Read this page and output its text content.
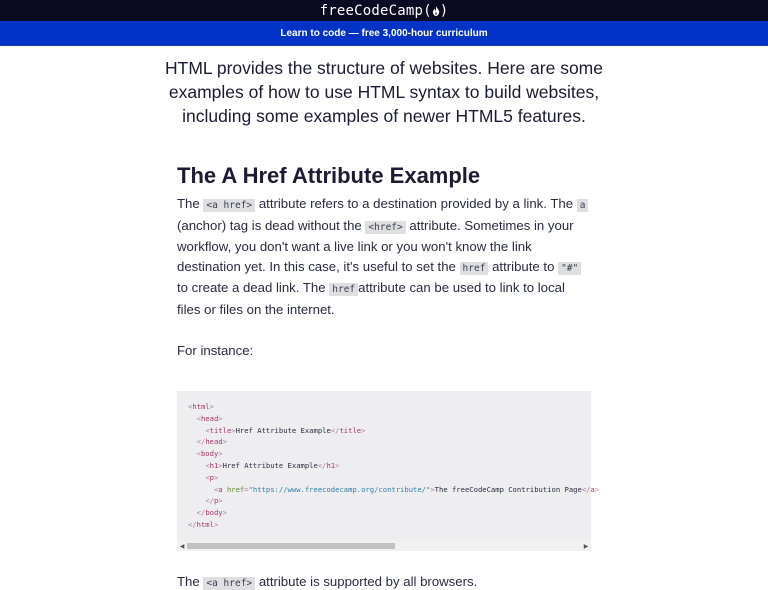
freeCodeCamp( )
Learn to code — free 3,000-hour curriculum
HTML provides the structure of websites. Here are some examples of how to use HTML syntax to build websites, including some examples of newer HTML5 features.
The A Href Attribute Example

The <a href> attribute refers to a destination provided by a link. The a (anchor) tag is dead without the <href> attribute. Sometimes in your workflow, you don't want a live link or you won't know the link destination yet. In this case, it's useful to set the href attribute to "#" to create a dead link. The href attribute can be used to link to local files or files on the internet.

For instance:

<html>
<head>
<title>Href Attribute Example</title>
</head>
<body>
<h1>Href Attribute Example</h1>
<p>
<a href="https://www.freecodecamp.org/contribute/">The freeCodeCamp Contribution Page</a>
</p>
</body>
</html>
◀	▶

The <a href> attribute is supported by all browsers.
